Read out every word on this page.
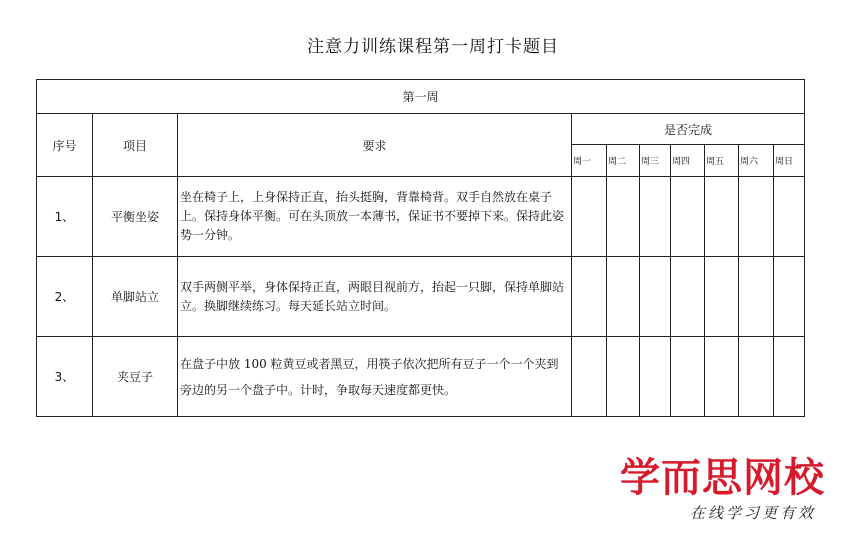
注意力训练课程第一周打卡题目
第一周									
序号	项目	要求	是否完成						
			周一	周二	周三	周四	周五	周六	周日
1、	平衡坐姿	坐在椅子上，上身保持正直，抬头挺胸，背靠椅背。双手自然放在桌子上。保持身体平衡。可在头顶放一本薄书，保证书不要掉下来。保持此姿势一分钟。							
2、	单脚站立	双手两侧平举，身体保持正直，两眼目视前方，抬起一只脚，保持单脚站立。换脚继续练习。每天延长站立时间。							
3、	夹豆子	在盘子中放 100 粒黄豆或者黑豆，用筷子依次把所有豆子一个一个夹到旁边的另一个盘子中。计时，争取每天速度都更快。							
学而思网校
在线学习更有效
